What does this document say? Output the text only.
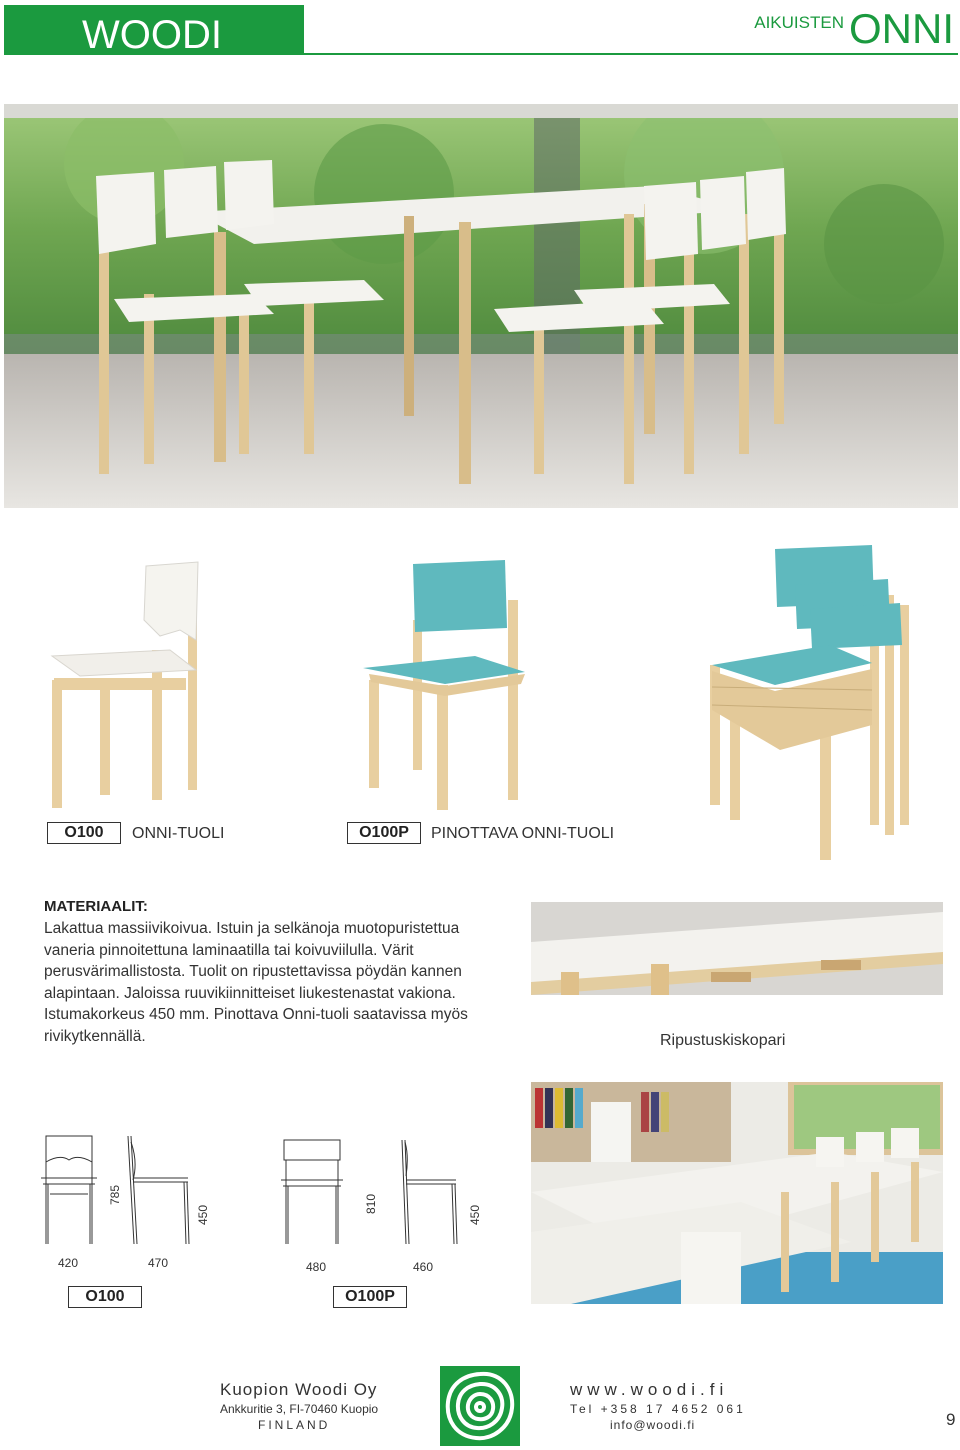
WOODI	AIKUISTEN ONNI
O100	ONNI-TUOLI	O100P	PINOTTAVA ONNI-TUOLI
MATERIAALIT:
Lakattua massiivikoivua. Istuin ja selkänoja muotopuristettua vaneria pinnoitettuna laminaatilla tai koivuviilulla. Värit perusvärimallistosta. Tuolit on ripustettavissa pöydän kannen alapintaan. Jaloissa ruuvikiinnitteiset liukestenastat vakiona. Istumakorkeus 450 mm. Pinottava Onni-tuoli saatavissa myös rivikytkennällä.	Ripustuskiskopari
785
450
420	470
O100
810
450
480	460
O100P
Kuopion Woodi Oy
Ankkuritie 3, FI-70460 Kuopio
FINLAND
www.woodi.fi
Tel +358 17 4652 061
info@woodi.fi	9
